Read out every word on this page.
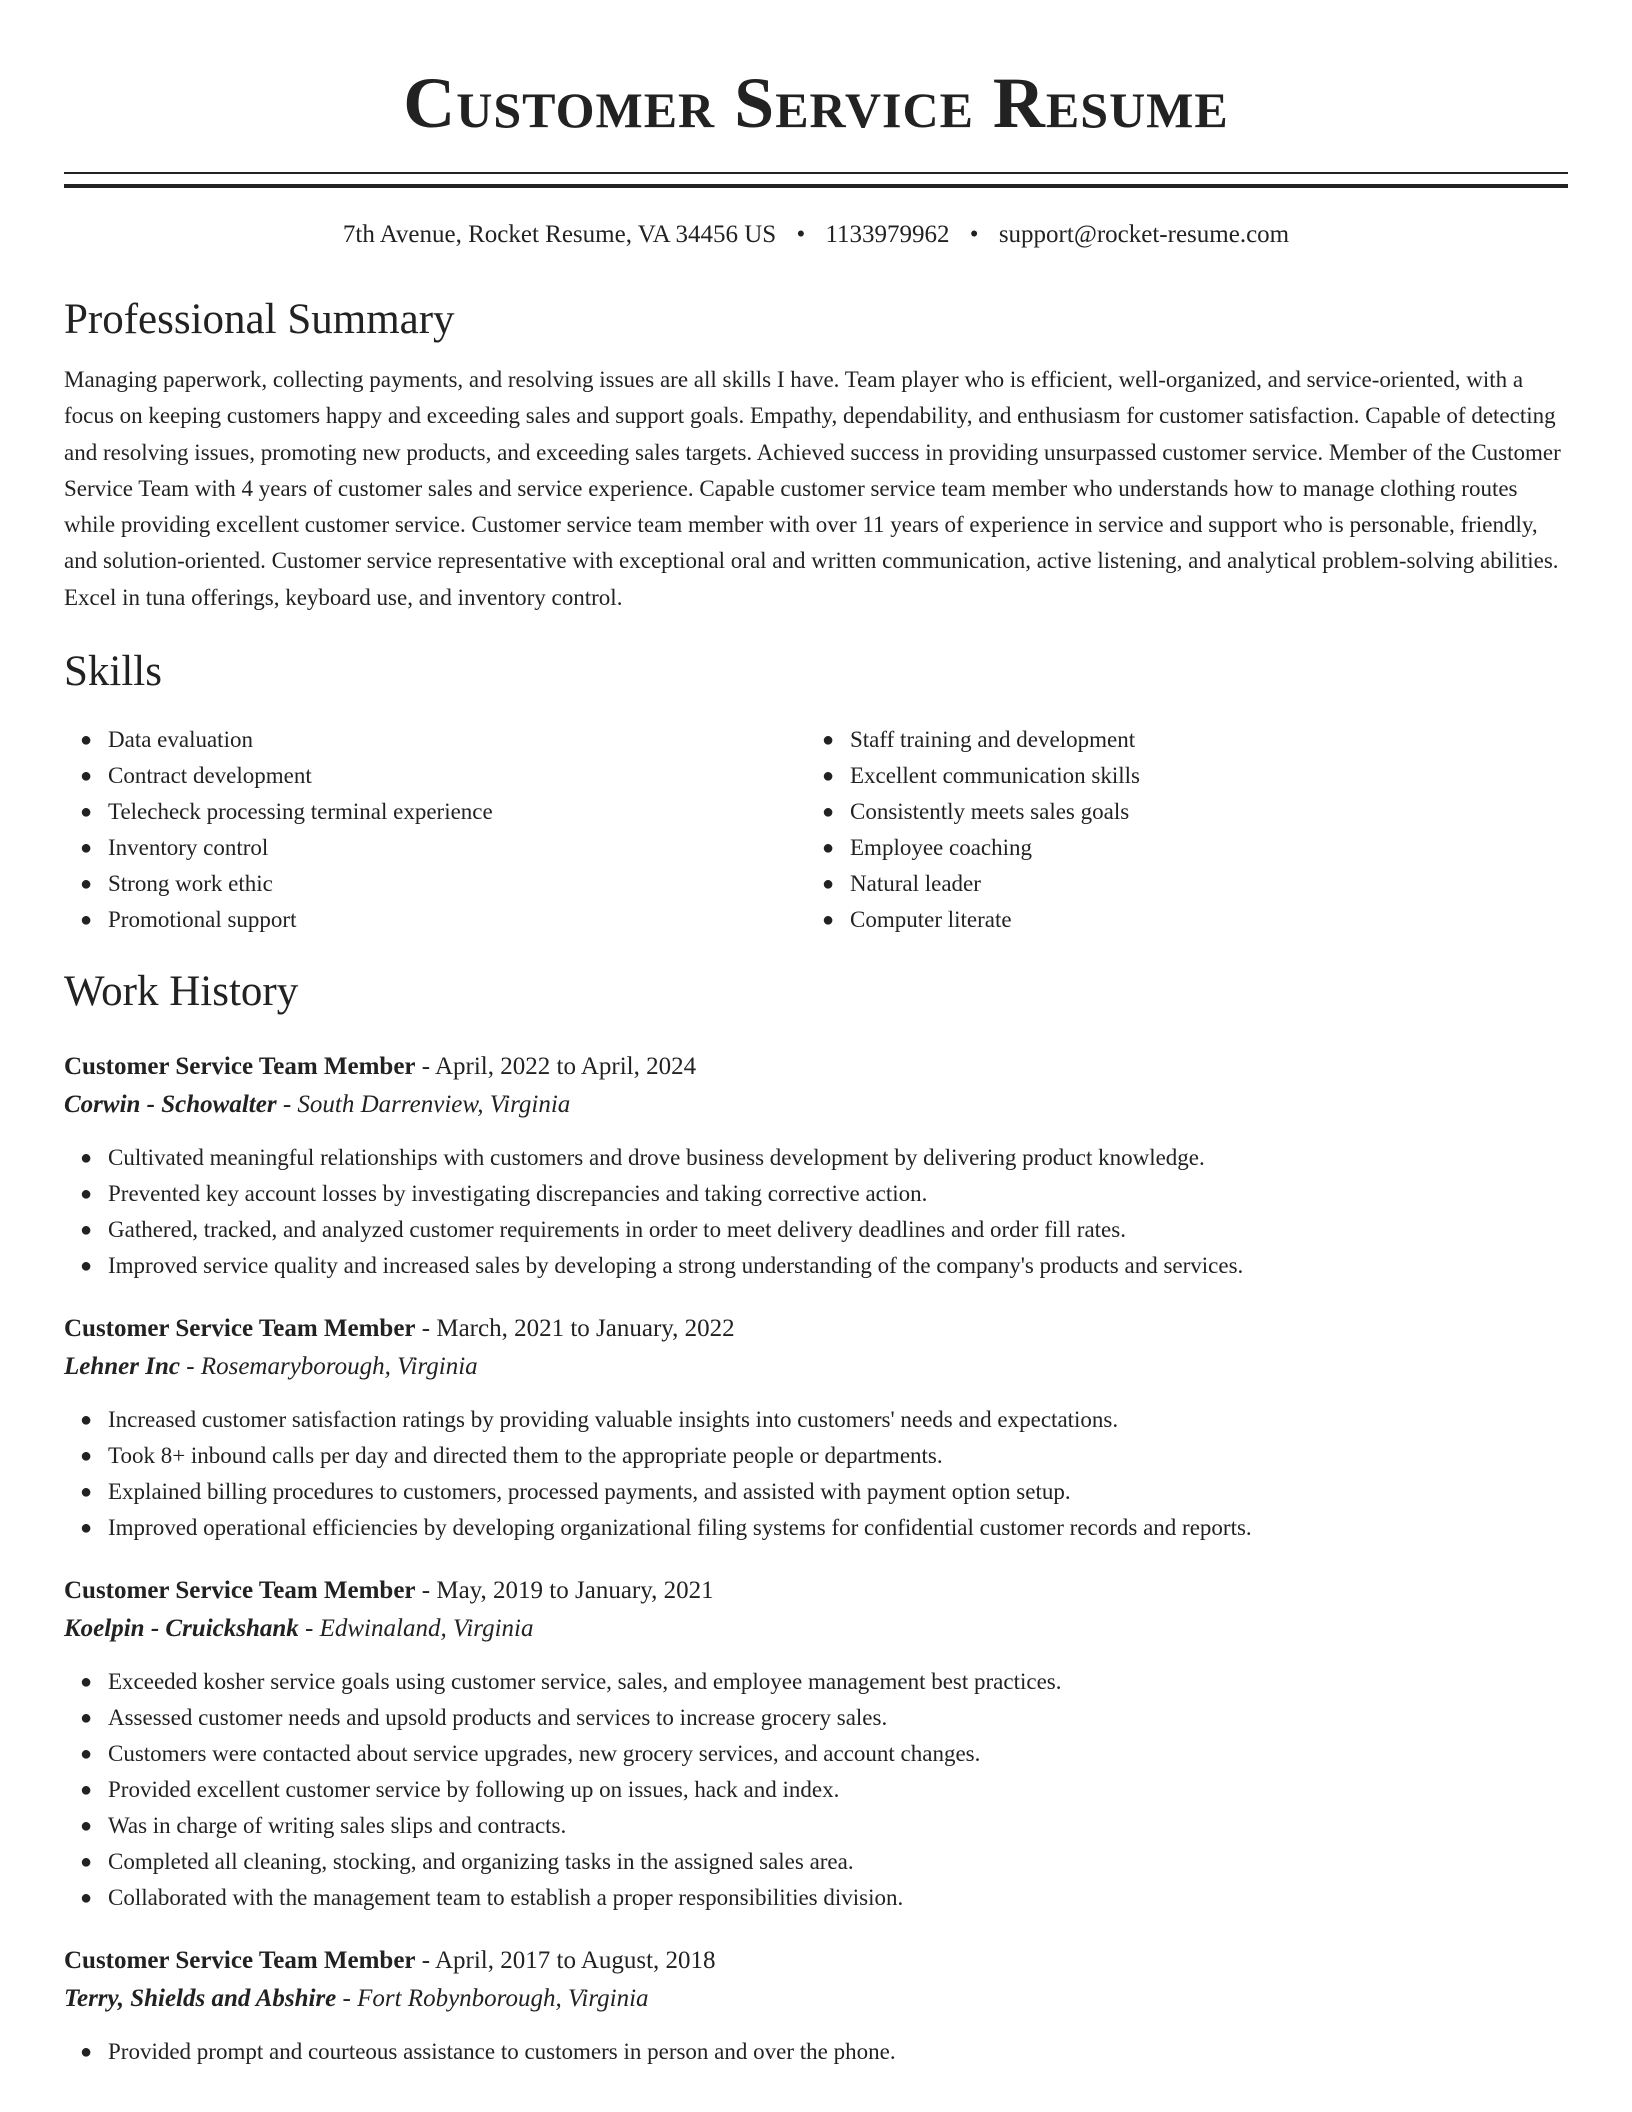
Customer Service Resume
7th Avenue, Rocket Resume, VA 34456 US • 1133979962 • support@rocket-resume.com
Professional Summary

Managing paperwork, collecting payments, and resolving issues are all skills I have. Team player who is efficient, well-organized, and service-oriented, with a focus on keeping customers happy and exceeding sales and support goals. Empathy, dependability, and enthusiasm for customer satisfaction. Capable of detecting and resolving issues, promoting new products, and exceeding sales targets. Achieved success in providing unsurpassed customer service. Member of the Customer Service Team with 4 years of customer sales and service experience. Capable customer service team member who understands how to manage clothing routes while providing excellent customer service. Customer service team member with over 11 years of experience in service and support who is personable, friendly, and solution-oriented. Customer service representative with exceptional oral and written communication, active listening, and analytical problem-solving abilities. Excel in tuna offerings, keyboard use, and inventory control.

Skills
● Data evaluation
● Contract development
● Telecheck processing terminal experience
● Inventory control
● Strong work ethic
● Promotional support
● Staff training and development
● Excellent communication skills
● Consistently meets sales goals
● Employee coaching
● Natural leader
● Computer literate
Work History
Customer Service Team Member - April, 2022 to April, 2024
Corwin - Schowalter - South Darrenview, Virginia
● Cultivated meaningful relationships with customers and drove business development by delivering product knowledge.
● Prevented key account losses by investigating discrepancies and taking corrective action.
● Gathered, tracked, and analyzed customer requirements in order to meet delivery deadlines and order fill rates.
● Improved service quality and increased sales by developing a strong understanding of the company's products and services.
Customer Service Team Member - March, 2021 to January, 2022
Lehner Inc - Rosemaryborough, Virginia
● Increased customer satisfaction ratings by providing valuable insights into customers' needs and expectations.
● Took 8+ inbound calls per day and directed them to the appropriate people or departments.
● Explained billing procedures to customers, processed payments, and assisted with payment option setup.
● Improved operational efficiencies by developing organizational filing systems for confidential customer records and reports.
Customer Service Team Member - May, 2019 to January, 2021
Koelpin - Cruickshank - Edwinaland, Virginia
● Exceeded kosher service goals using customer service, sales, and employee management best practices.
● Assessed customer needs and upsold products and services to increase grocery sales.
● Customers were contacted about service upgrades, new grocery services, and account changes.
● Provided excellent customer service by following up on issues, hack and index.
● Was in charge of writing sales slips and contracts.
● Completed all cleaning, stocking, and organizing tasks in the assigned sales area.
● Collaborated with the management team to establish a proper responsibilities division.
Customer Service Team Member - April, 2017 to August, 2018
Terry, Shields and Abshire - Fort Robynborough, Virginia
● Provided prompt and courteous assistance to customers in person and over the phone.
